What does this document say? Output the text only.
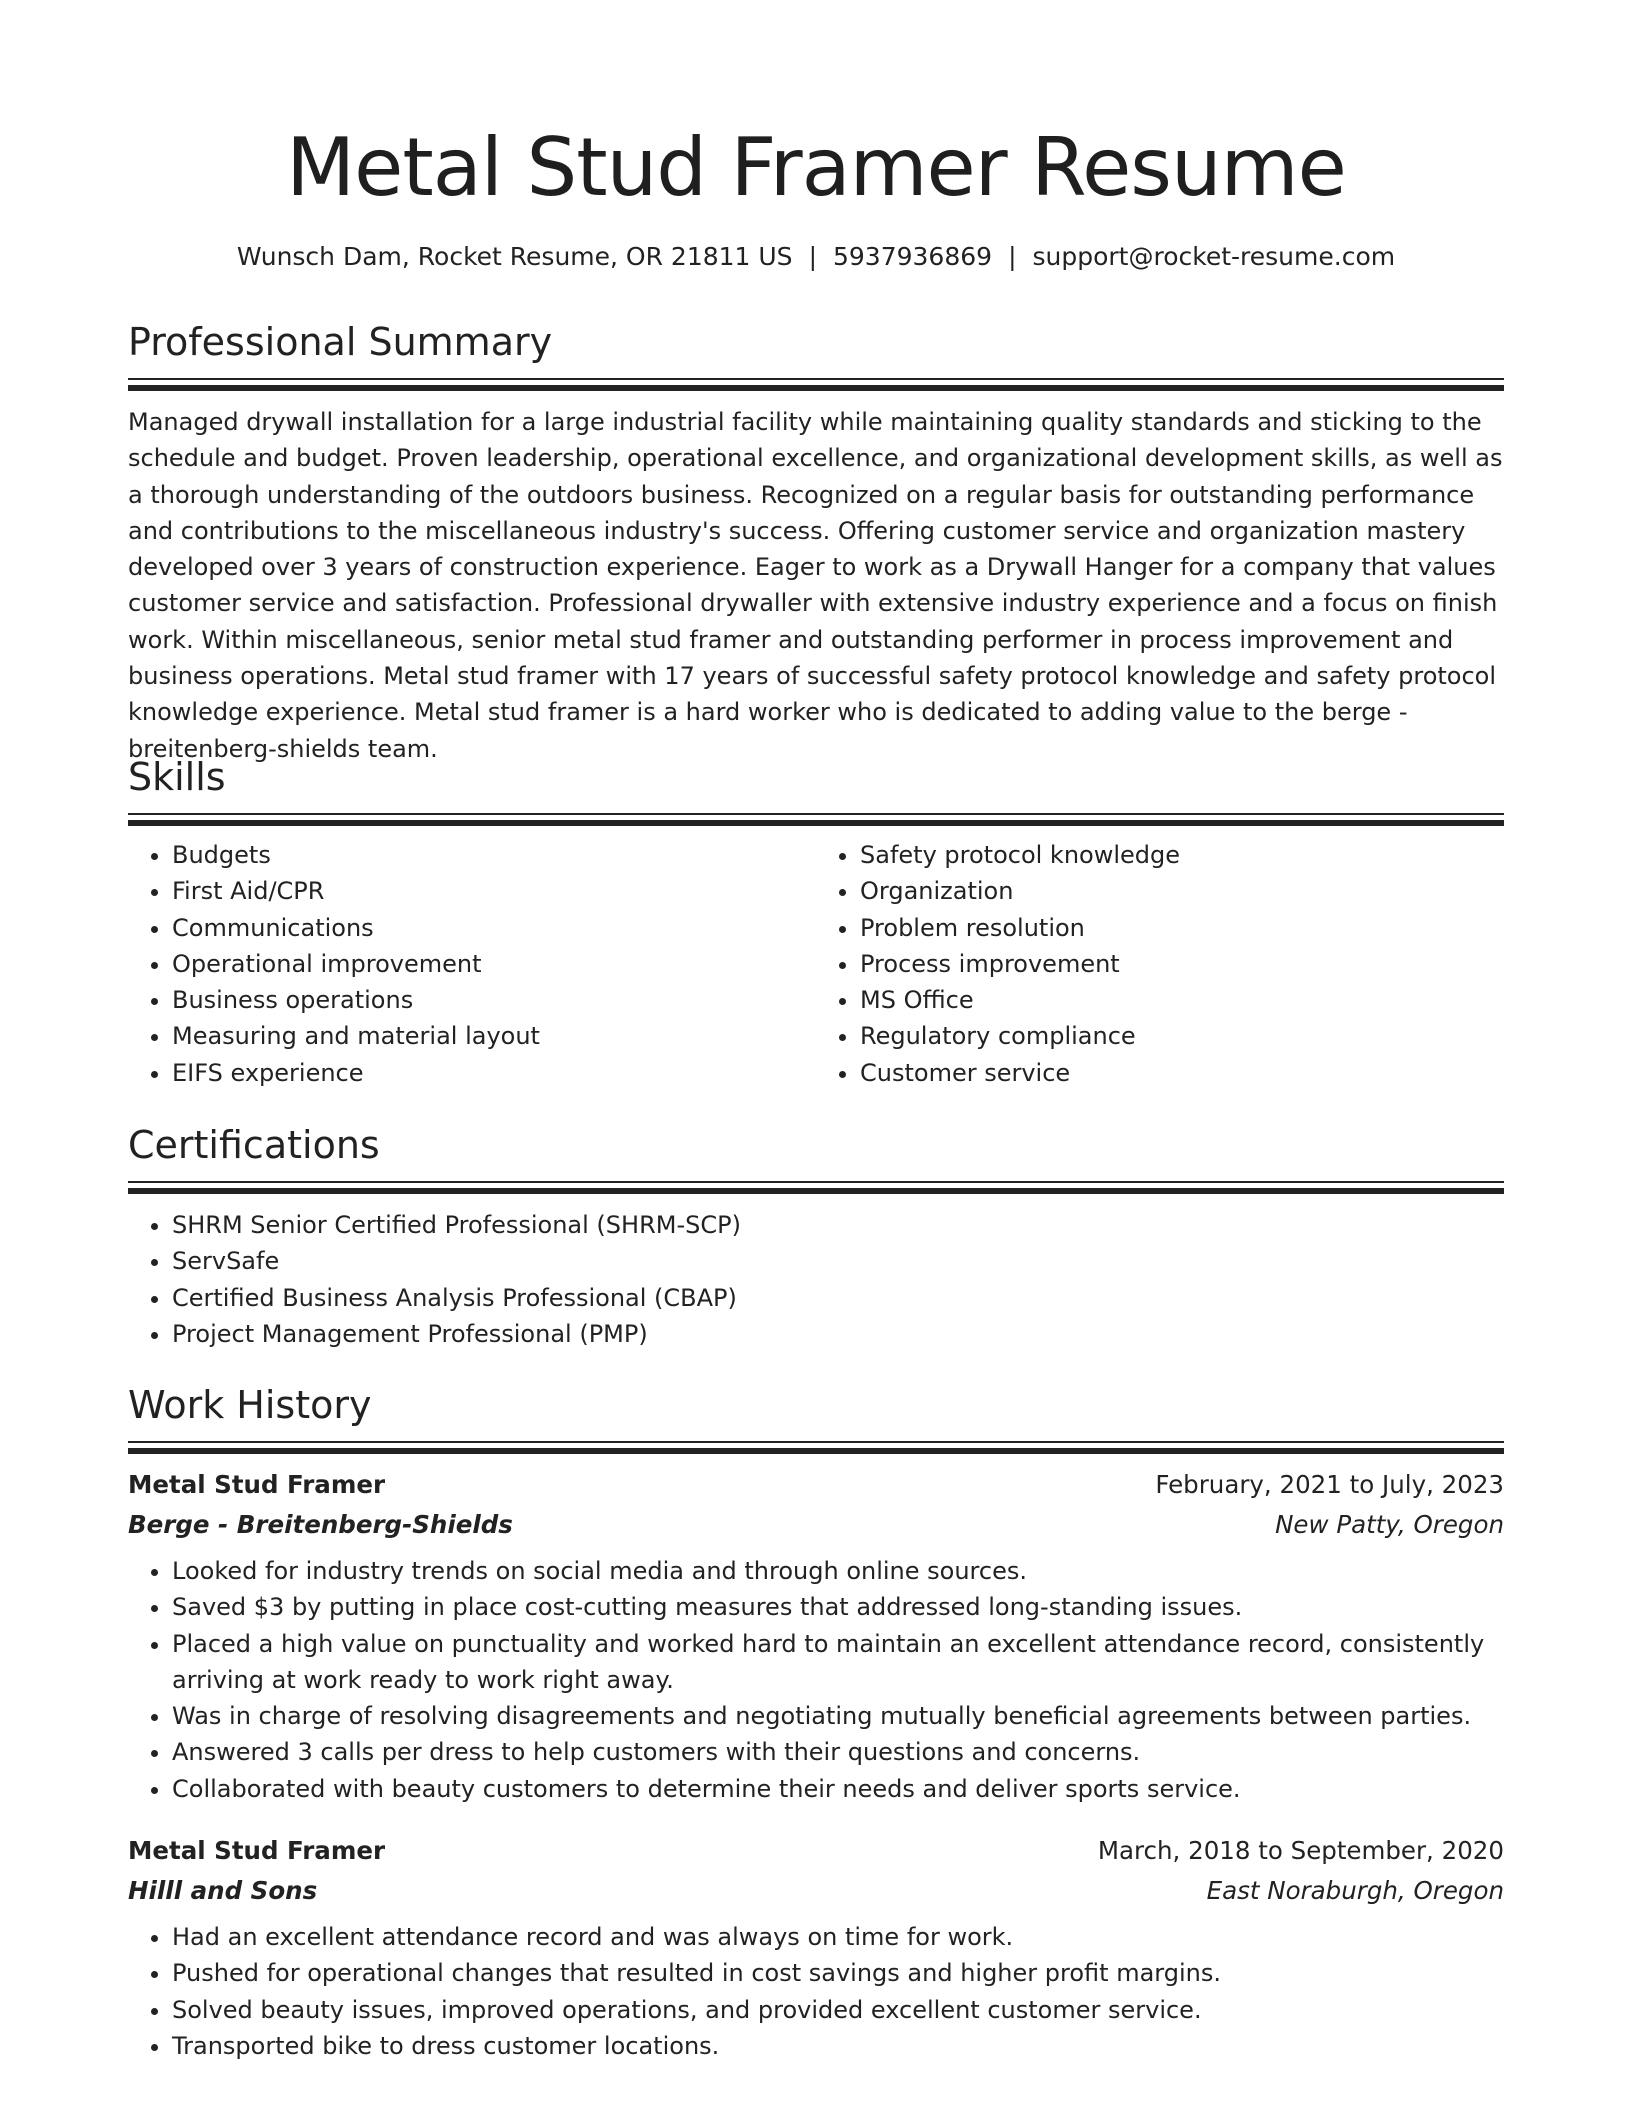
Metal Stud Framer Resume
Wunsch Dam, Rocket Resume, OR 21811 US | 5937936869 | support@rocket-resume.com
Professional Summary

Managed drywall installation for a large industrial facility while maintaining quality standards and sticking to the schedule and budget. Proven leadership, operational excellence, and organizational development skills, as well as a thorough understanding of the outdoors business. Recognized on a regular basis for outstanding performance and contributions to the miscellaneous industry's success. Offering customer service and organization mastery developed over 3 years of construction experience. Eager to work as a Drywall Hanger for a company that values customer service and satisfaction. Professional drywaller with extensive industry experience and a focus on finish work. Within miscellaneous, senior metal stud framer and outstanding performer in process improvement and business operations. Metal stud framer with 17 years of successful safety protocol knowledge and safety protocol knowledge experience. Metal stud framer is a hard worker who is dedicated to adding value to the berge - breitenberg-shields team.

Skills
• Budgets
• First Aid/CPR
• Communications
• Operational improvement
• Business operations
• Measuring and material layout
• EIFS experience
• Safety protocol knowledge
• Organization
• Problem resolution
• Process improvement
• MS Office
• Regulatory compliance
• Customer service
Certifications
• SHRM Senior Certified Professional (SHRM-SCP)
• ServSafe
• Certified Business Analysis Professional (CBAP)
• Project Management Professional (PMP)
Work History
Metal Stud Framer	February, 2021 to July, 2023
Berge - Breitenberg-Shields	New Patty, Oregon
• Looked for industry trends on social media and through online sources.
• Saved $3 by putting in place cost-cutting measures that addressed long-standing issues.
• Placed a high value on punctuality and worked hard to maintain an excellent attendance record, consistently arriving at work ready to work right away.
• Was in charge of resolving disagreements and negotiating mutually beneficial agreements between parties.
• Answered 3 calls per dress to help customers with their questions and concerns.
• Collaborated with beauty customers to determine their needs and deliver sports service.
Metal Stud Framer	March, 2018 to September, 2020
Hilll and Sons	East Noraburgh, Oregon
• Had an excellent attendance record and was always on time for work.
• Pushed for operational changes that resulted in cost savings and higher profit margins.
• Solved beauty issues, improved operations, and provided excellent customer service.
• Transported bike to dress customer locations.
